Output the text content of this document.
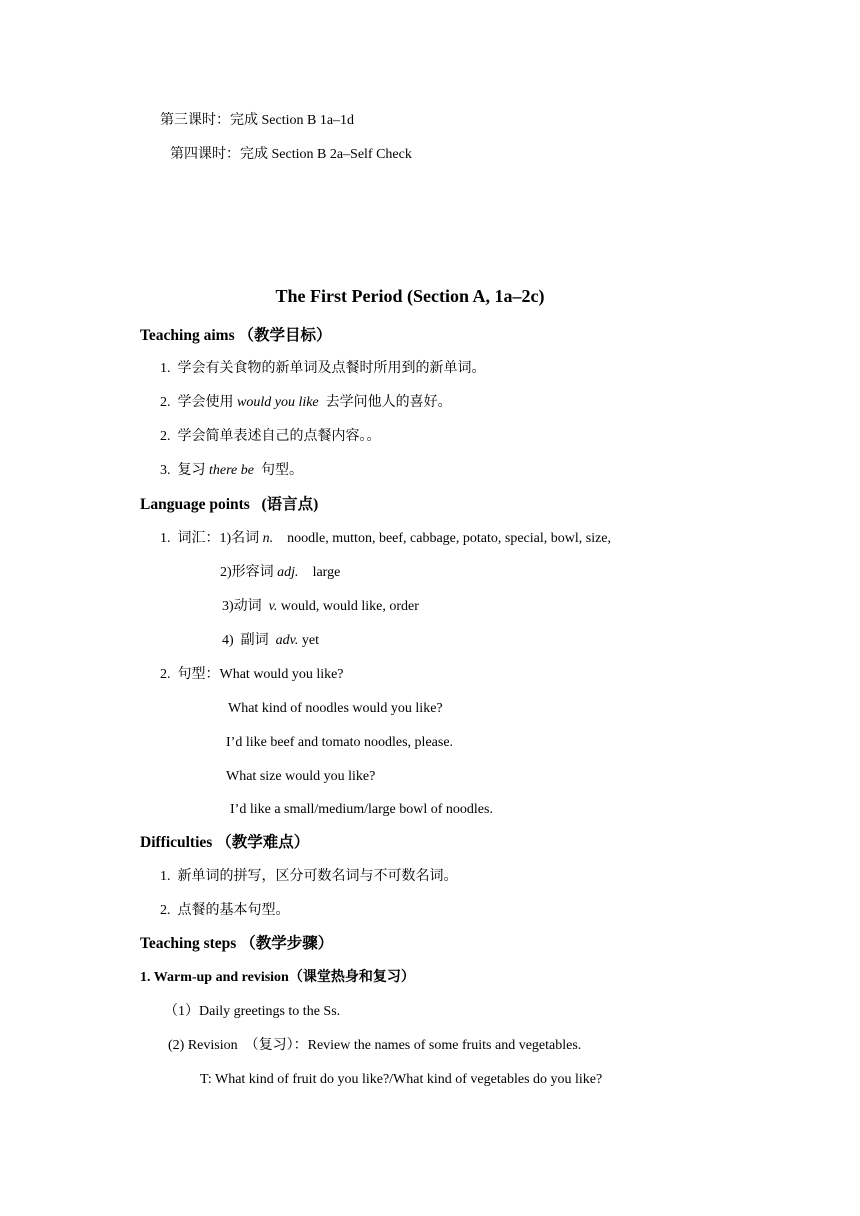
第三课时：完成 Section B 1a–1d
第四课时：完成 Section B 2a–Self Check
The First Period (Section A, 1a–2c)
Teaching aims （教学目标）
1. 学会有关食物的新单词及点餐时所用到的新单词。
2. 学会使用 would you like  去学问他人的喜好。
2. 学会简单表述自己的点餐内容。。
3. 复习 there be  句型。
Language points   (语言点)
1. 词汇：1)名词 n.    noodle, mutton, beef, cabbage, potato, special, bowl, size,
2)形容词 adj.    large
3)动词  v. would, would like, order
4)  副词  adv. yet
2. 句型：What would you like?
What kind of noodles would you like?
I’d like beef and tomato noodles, please.
What size would you like?
I’d like a small/medium/large bowl of noodles.
Difficulties （教学难点）
1. 新单词的拼写，区分可数名词与不可数名词。
2. 点餐的基本句型。
Teaching steps （教学步骤）
1. Warm-up and revision（课堂热身和复习）
（1）Daily greetings to the Ss.
(2) Revision  （复习）：Review the names of some fruits and vegetables.
T: What kind of fruit do you like?/What kind of vegetables do you like?
